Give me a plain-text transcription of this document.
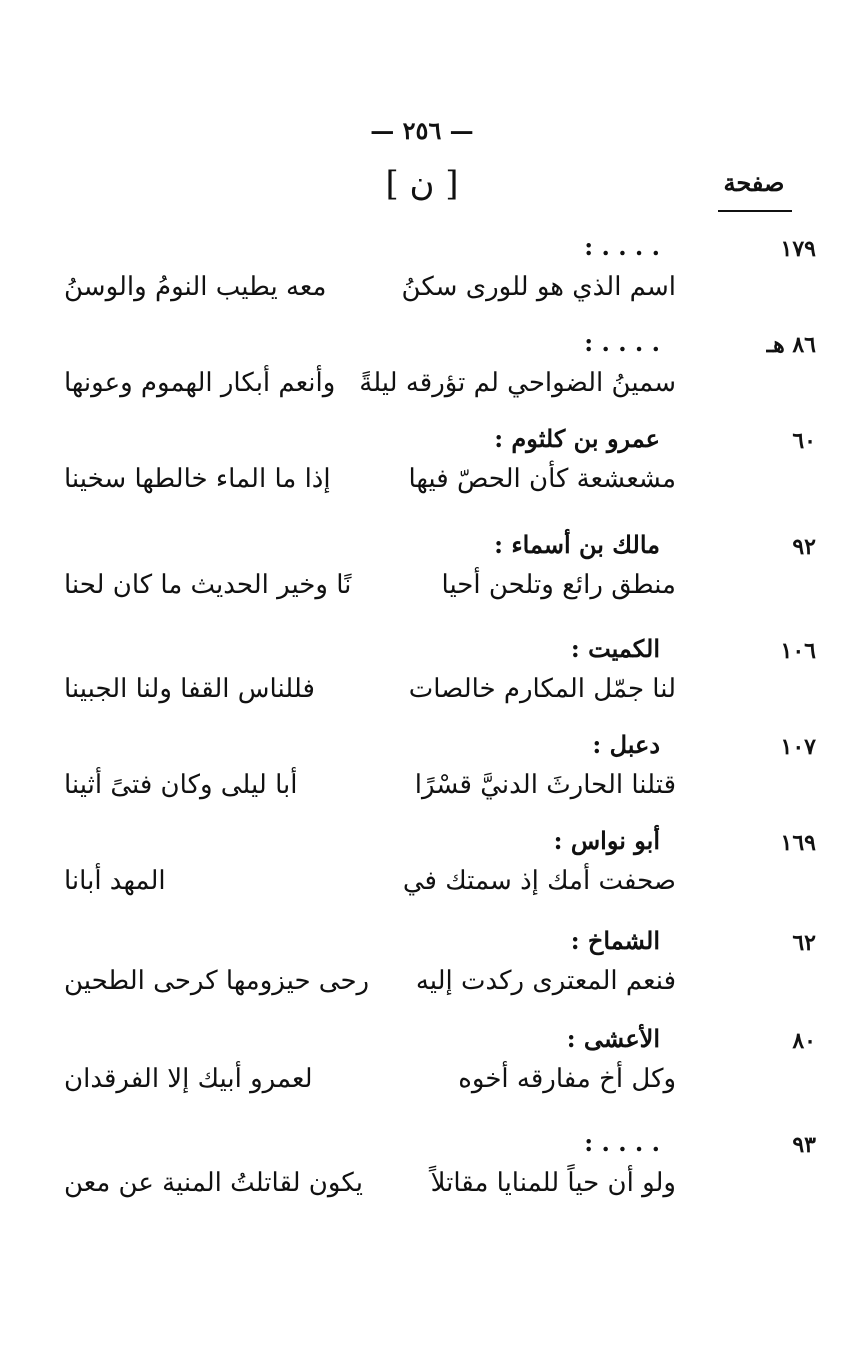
— ٢٥٦ —
[ ن ]	صفحة
١٧٩
. . . . :
اسم الذي هو للورى سكنُ
معه يطيب النومُ والوسنُ
٨٦ هـ
. . . . :
سمينُ الضواحي لم تؤرقه ليلةً
وأنعم أبكار الهموم وعونها
٦٠
عمرو بن كلثوم :
مشعشعة كأن الحصّ فيها
إذا ما الماء خالطها سخينا
٩٢
مالك بن أسماء :
منطق رائع وتلحن أحيا
نًا وخير الحديث ما كان لحنا
١٠٦
الكميت :
لنا جمّل المكارم خالصات
فللناس القفا ولنا الجبينا
١٠٧
دعبل :
قتلنا الحارثَ الدنيَّ قسْرًا
أبا ليلى وكان فتىً أثينا
١٦٩
أبو نواس :
صحفت أمك إذ سمتك في
المهد أبانا
٦٢
الشماخ :
فنعم المعترى ركدت إليه
رحى حيزومها كرحى الطحين
٨٠
الأعشى :
وكل أخ مفارقه أخوه
لعمرو أبيك إلا الفرقدان
٩٣
. . . . :
ولو أن حياً للمنايا مقاتلاً
يكون لقاتلتُ المنية عن معن
